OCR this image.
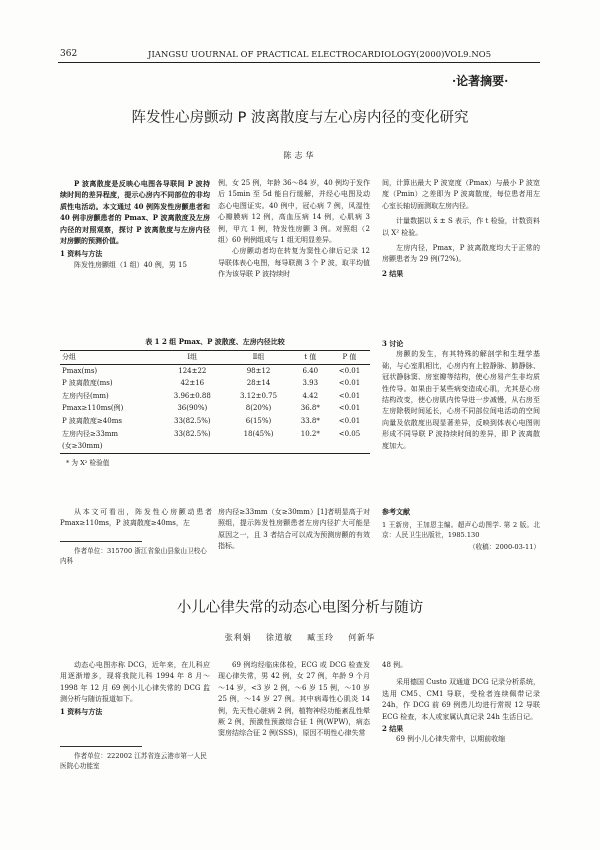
362	JIANGSU UOURNAL OF PRACTICAL ELECTROCARDIOLOGY(2000)VOL9.NO5
·论著摘要·
阵发性心房颤动 P 波离散度与左心房内径的变化研究
陈志华

P 波离散度是反映心电图各导联间 P 波持续时间的差异程度，提示心房内不同部位的非均质性电活动。本文通过 40 例阵发性房颤患者和 40 例非房颤患者的 Pmax、P 波离散度及左房内径的对照观察，探讨 P 波离散度与左房内径对房颤的预测价值。

1 资料与方法

阵发性房颤组（1 组）40 例，男 15

例，女 25 例，年龄 36～84 岁，40 例均于发作后 15min 至 5d 能自行缓解，并经心电图及动态心电图证实。40 例中，冠心病 7 例，风湿性心瓣膜病 12 例，高血压病 14 例，心肌病 3 例，甲亢 1 例，特发性房颤 3 例。对照组（2 组）60 例例组成与 1 组无明显差异。

心房颤动者均在转复为窦性心律后记录 12 导联体表心电图，每导联测 3 个 P 波，取平均值作为该导联 P 波持续时

间，计算出最大 P 波宽度（Pmax）与最小 P 波宽度（Pmin）之差即为 P 波离散度，每位患者用左心室长轴切面测取左房内径。

计量数据以 x̄ ± S 表示，作 t 检验，计数资料以 X² 检验。

左房内径，Pmax，P 波离散度均大于正常的房颤患者为 29 例(72%)。

2 结果

表 1 2 组 Pmax、P 波散度、左房内径比较
分组	Ⅰ组	Ⅱ组	t 值	P 值
Pmax(ms)	124±22	98±12	6.40	<0.01
P 波离散度(ms)	42±16	28±14	3.93	<0.01
左房内径(mm)	3.96±0.88	3.12±0.75	4.42	<0.01
Pmax≥110ms(例)	36(90%)	8(20%)	36.8*	<0.01
P 波离散度≥40ms	33(82.5%)	6(15%)	33.8*	<0.01
左房内径≥33mm	33(82.5%)	18(45%)	10.2*	<0.05
(女≥30mm)				
* 为 X² 检验值

3 讨论

房颤的发生，有其特殊的解剖学和生理学基础，与心室肌相比，心房内有上腔静脉、肺静脉、冠状静脉窦、房室瓣等结构，使心房易产生非均质性传导。如果由于某些病变造成心肌，尤其是心房结构改变，使心房肌内传导进一步减慢，从右房至左房除极时间延长，心房不同部位间电活动的空间向量及依散度出现显著差异，反映到体表心电图则形成不同导联 P 波持续时间的差异，即 P 波离散度加大。

从本文可看出，阵发性心房颤动患者 Pmax≥110ms，P 波离散度≥40ms，左

作者单位：315700 浙江省象山县象山卫校心内科

房内径≥33mm（女≥30mm）[1]者明显高于对照组，提示阵发性房颤患者左房内径扩大可能是原因之一，且 3 者结合可以成为预测房颤的有效指标。

参考文献
1 王新房，王加恩主编。超声心动图学. 第 2 版。北京：人民卫生出版社，1985.130
（收稿：2000-03-11）
小儿心律失常的动态心电图分析与随访
张利娟    徐道敏    臧玉玲    何新华

动态心电图亦称 DCG，近年来，在儿科应用逐渐增多，现将我院儿科 1994 年 8 月～1998 年 12 月 69 例小儿心律失常的 DCG 监测分析与随访报道如下。

1 资料与方法

作者单位：222002 江苏省连云港市第一人民医院心功能室

69 例均经临床体检，ECG 或 DCG 检查发现心律失常，男 42 例，女 27 例，年龄 9 个月～14 岁，<3 岁 2 例，～6 岁 15 例，～10 岁 25 例，～14 岁 27 例。其中病毒性心肌炎 14 例，先天性心脏病 2 例，植物神经功能紊乱性晕厥 2 例，预激性预激综合征 1 例(WPW)，病态窦房结综合征 2 例(SSS)，原因不明性心律失常

48 例。

采用德国 Custo 双通道 DCG 记录分析系统，选用 CM5、CM1 导联，受检者连续佩带记录 24h，作 DCG 前 69 例患儿均进行常规 12 导联 ECG 检查，本人或家属认真记录 24h 生活日记。

2 结果

69 例小儿心律失常中，以期前收缩
